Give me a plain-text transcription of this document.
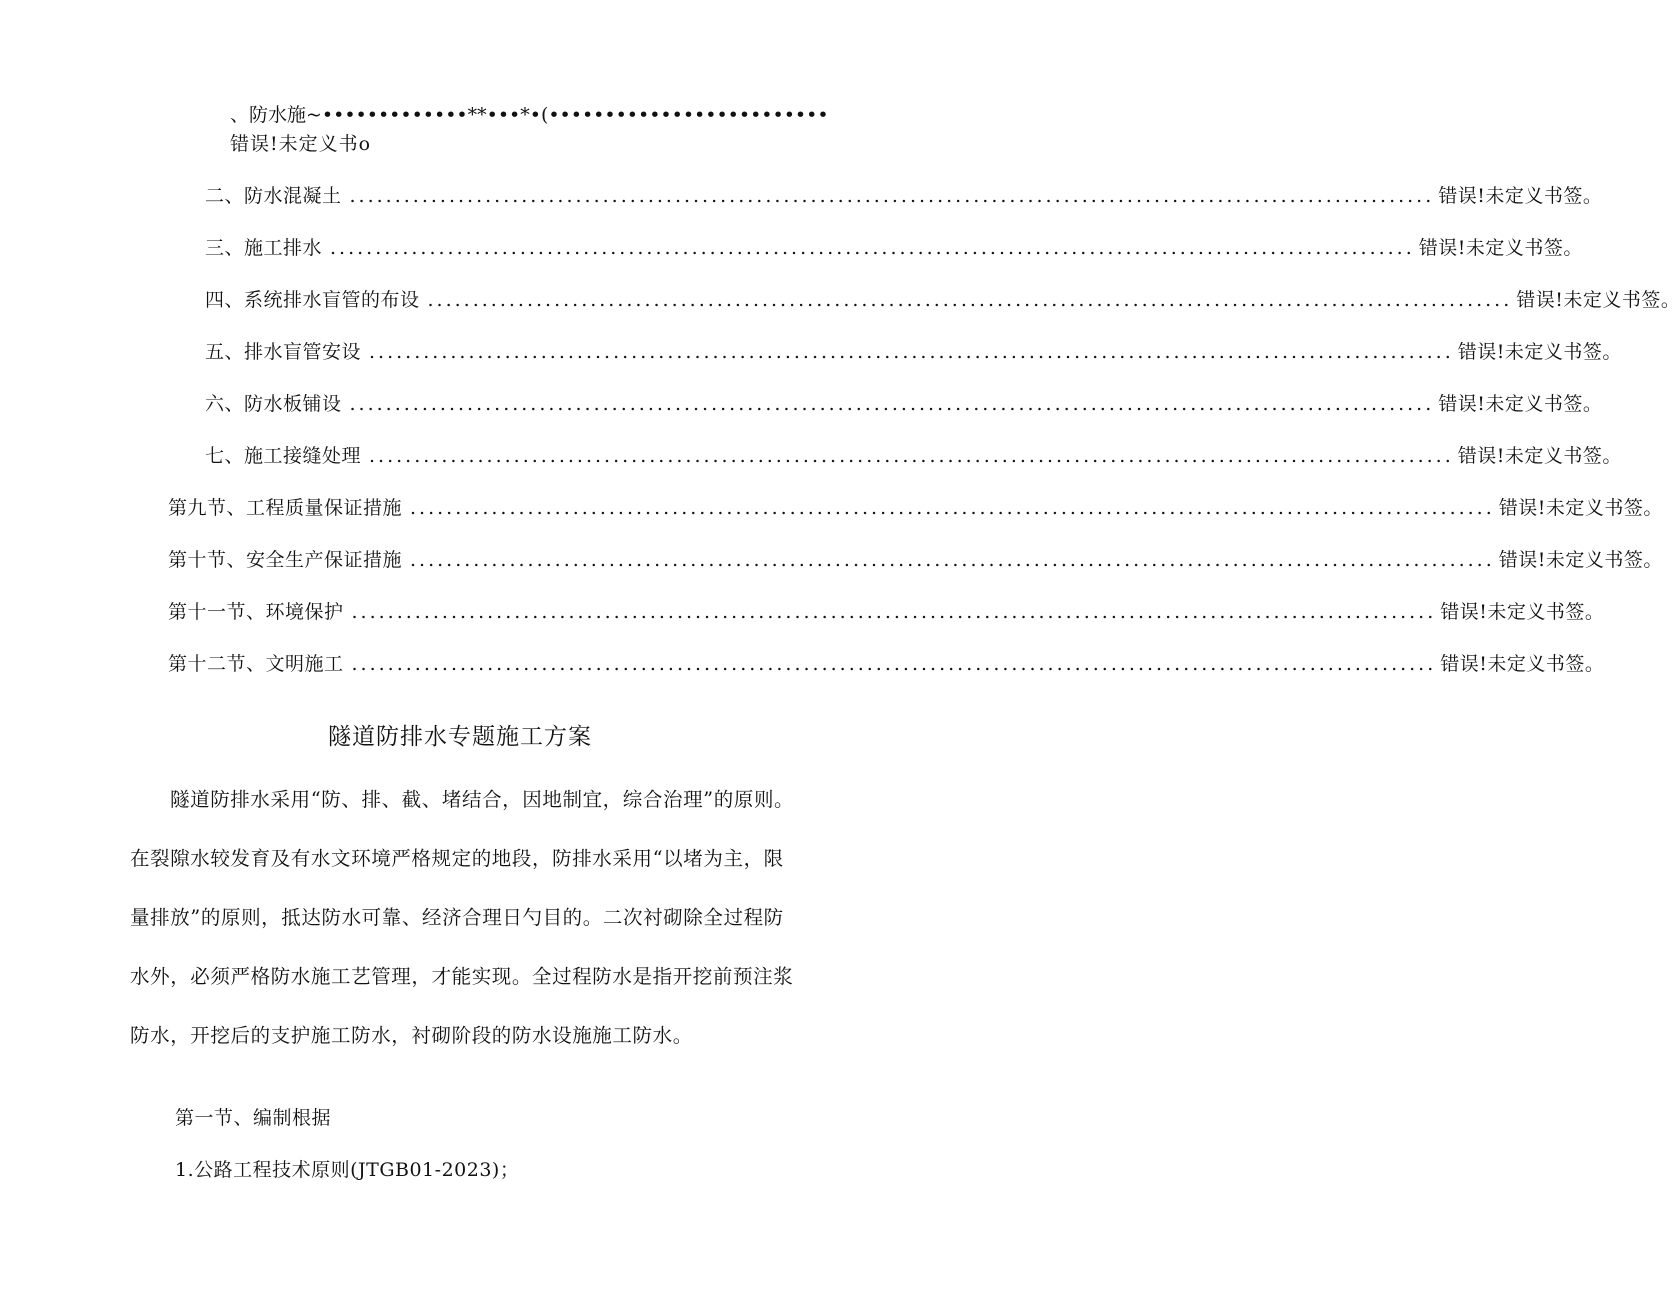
、防水施~•••••••••••••**•••*•(•••••••••••••••••••••••••
错误!未定义书o
二、防水混凝土 ........................................................................................................................ 错误!未定义书签。
三、施工排水 ........................................................................................................................ 错误!未定义书签。
四、系统排水盲管的布设 ........................................................................................................................ 错误!未定义书签。
五、排水盲管安设 ........................................................................................................................ 错误!未定义书签。
六、防水板铺设 ........................................................................................................................ 错误!未定义书签。
七、施工接缝处理 ........................................................................................................................ 错误!未定义书签。
第九节、工程质量保证措施 ........................................................................................................................ 错误!未定义书签。
第十节、安全生产保证措施 ........................................................................................................................ 错误!未定义书签。
第十一节、环境保护 ........................................................................................................................ 错误!未定义书签。
第十二节、文明施工 ........................................................................................................................ 错误!未定义书签。
隧道防排水专题施工方案

隧道防排水采用“防、排、截、堵结合，因地制宜，综合治理”的原则。在裂隙水较发育及有水文环境严格规定的地段，防排水采用“以堵为主，限量排放”的原则，抵达防水可靠、经济合理日勺目的。二次衬砌除全过程防水外，必须严格防水施工艺管理，才能实现。全过程防水是指开挖前预注浆防水，开挖后的支护施工防水，衬砌阶段的防水设施施工防水。

第一节、编制根据
1.公路工程技术原则(JTGB01-2023)；
